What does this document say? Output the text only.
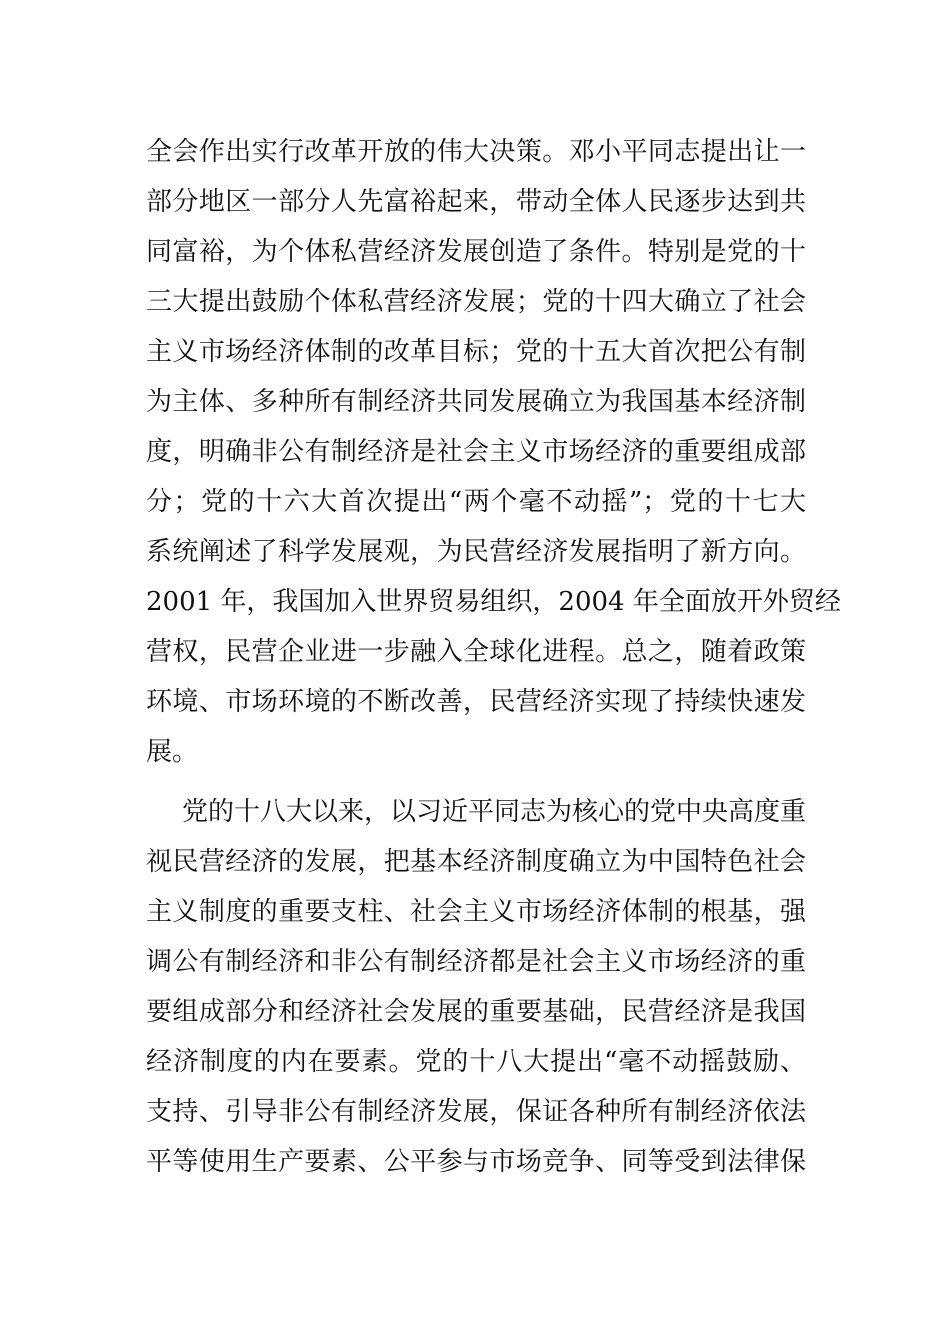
全会作出实行改革开放的伟大决策。邓小平同志提出让一
部分地区一部分人先富裕起来，带动全体人民逐步达到共
同富裕，为个体私营经济发展创造了条件。特别是党的十
三大提出鼓励个体私营经济发展；党的十四大确立了社会
主义市场经济体制的改革目标；党的十五大首次把公有制
为主体、多种所有制经济共同发展确立为我国基本经济制
度，明确非公有制经济是社会主义市场经济的重要组成部
分；党的十六大首次提出“两个毫不动摇”；党的十七大
系统阐述了科学发展观，为民营经济发展指明了新方向。
2001 年，我国加入世界贸易组织，2004 年全面放开外贸经
营权，民营企业进一步融入全球化进程。总之，随着政策
环境、市场环境的不断改善，民营经济实现了持续快速发
展。
党的十八大以来，以习近平同志为核心的党中央高度重
视民营经济的发展，把基本经济制度确立为中国特色社会
主义制度的重要支柱、社会主义市场经济体制的根基，强
调公有制经济和非公有制经济都是社会主义市场经济的重
要组成部分和经济社会发展的重要基础，民营经济是我国
经济制度的内在要素。党的十八大提出“毫不动摇鼓励、
支持、引导非公有制经济发展，保证各种所有制经济依法
平等使用生产要素、公平参与市场竞争、同等受到法律保
